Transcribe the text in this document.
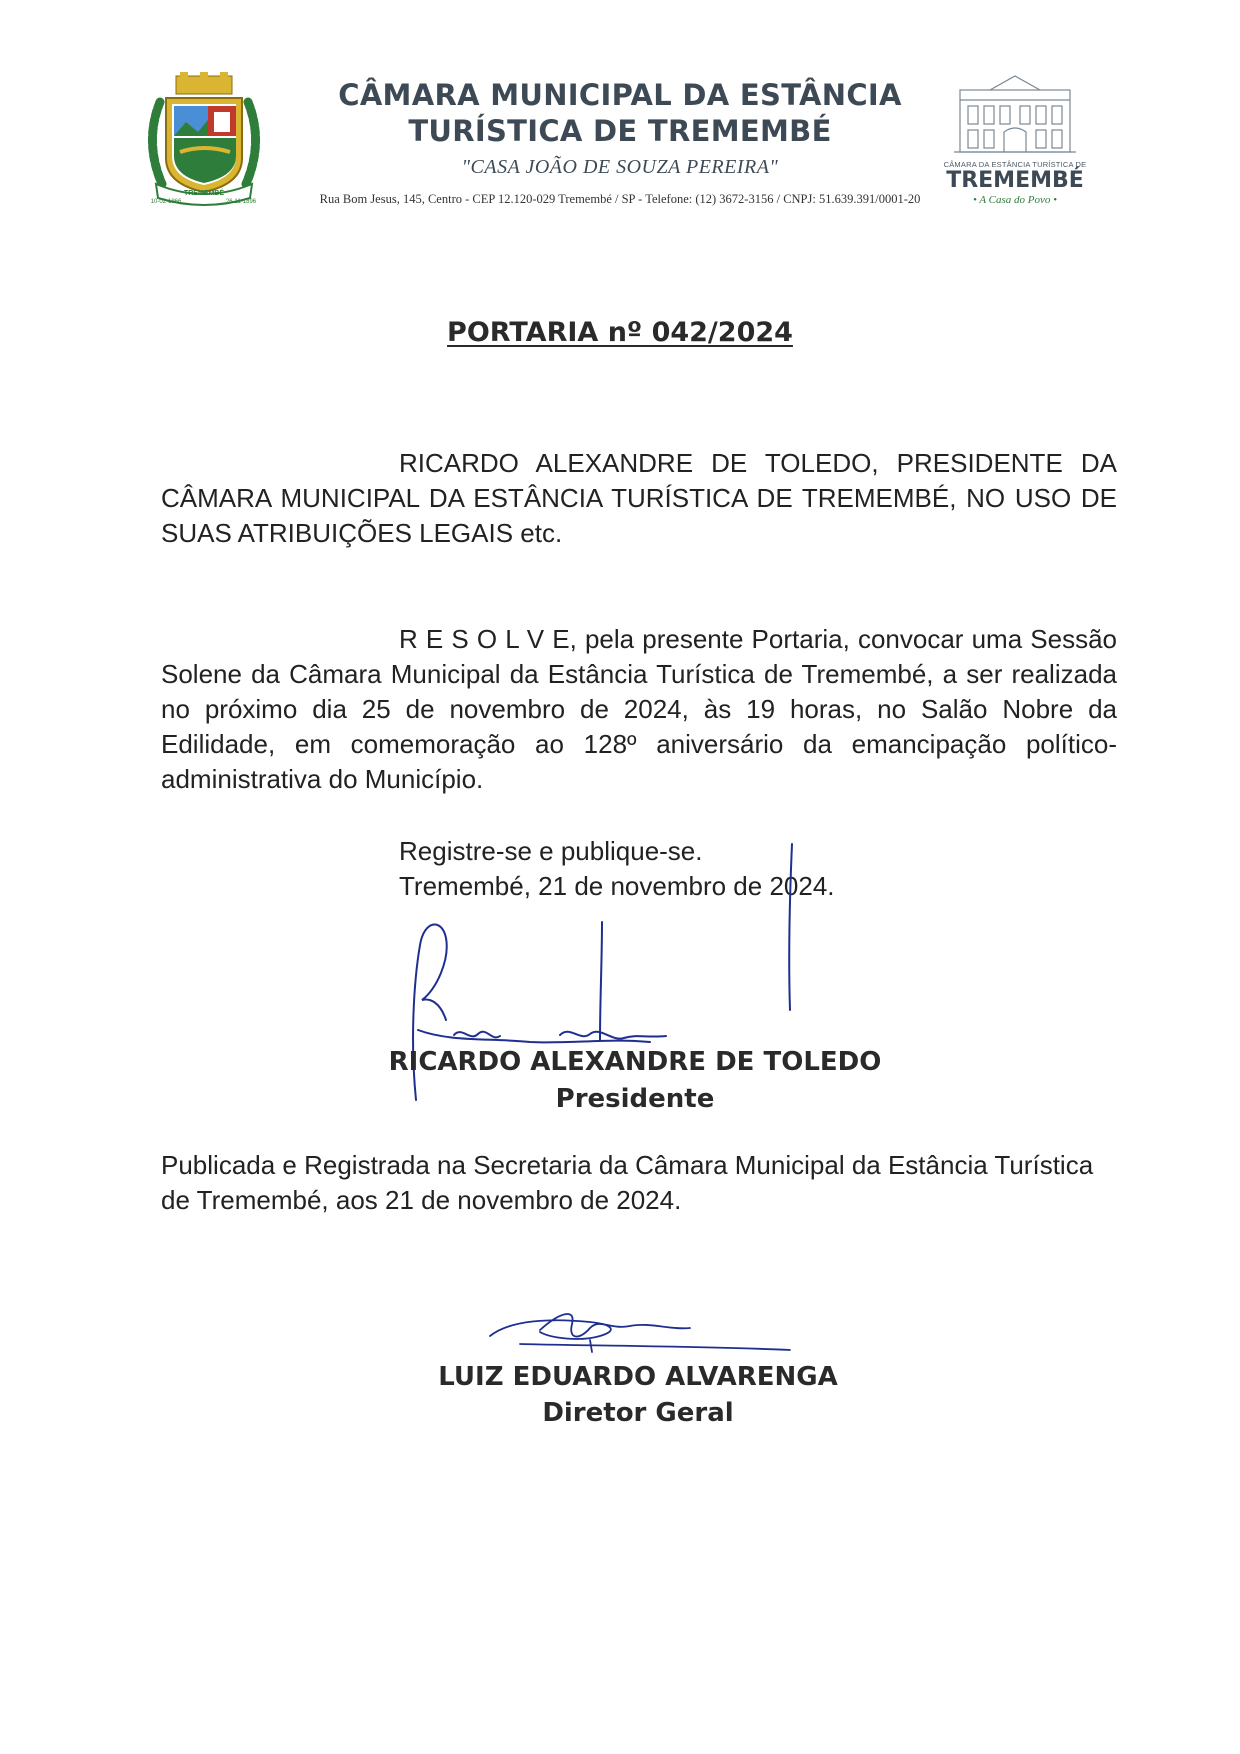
TREMEMBÉ
10-02-1866	26-11-1896
CÂMARA MUNICIPAL DA ESTÂNCIA
TURÍSTICA DE TREMEMBÉ
"CASA JOÃO DE SOUZA PEREIRA"
Rua Bom Jesus, 145, Centro - CEP 12.120-029 Tremembé / SP - Telefone: (12) 3672-3156 / CNPJ: 51.639.391/0001-20
CÂMARA DA ESTÂNCIA TURÍSTICA DE
TREMEMBÉ
• A Casa do Povo •
PORTARIA nº 042/2024
RICARDO ALEXANDRE DE TOLEDO, PRESIDENTE DA CÂMARA MUNICIPAL DA ESTÂNCIA TURÍSTICA DE TREMEMBÉ, NO USO DE SUAS ATRIBUIÇÕES LEGAIS etc.
R E S O L V E, pela presente Portaria, convocar uma Sessão Solene da Câmara Municipal da Estância Turística de Tremembé, a ser realizada no próximo dia 25 de novembro de 2024, às 19 horas, no Salão Nobre da Edilidade, em comemoração ao 128º aniversário da emancipação político-administrativa do Município.
Registre-se e publique-se.
Tremembé, 21 de novembro de 2024.
RICARDO ALEXANDRE DE TOLEDO
Presidente
Publicada e Registrada na Secretaria da Câmara Municipal da Estância Turística de Tremembé, aos 21 de novembro de 2024.
LUIZ EDUARDO ALVARENGA
Diretor Geral
